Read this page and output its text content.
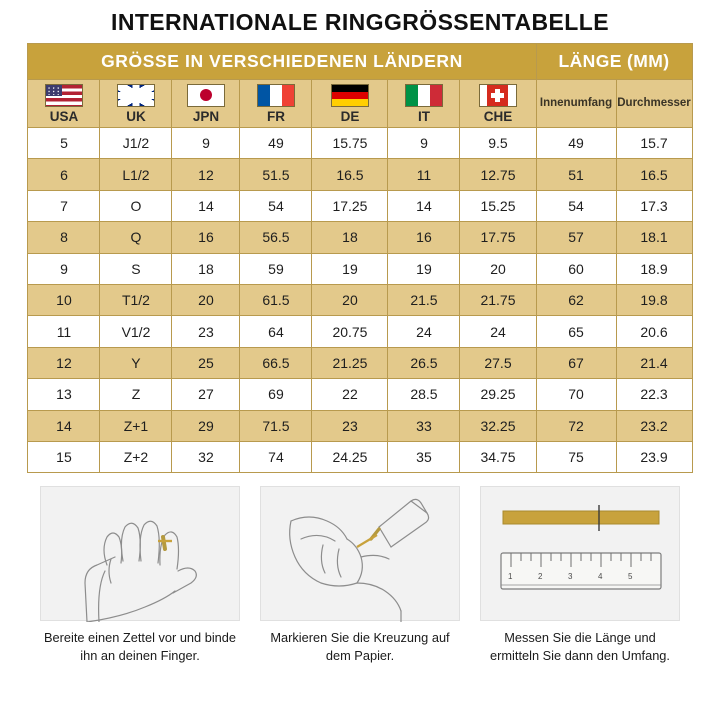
INTERNATIONALE RINGGRÖSSENTABELLE
GRÖSSE IN VERSCHIEDENEN LÄNDERN							LÄNGE (MM)	

USA	UK	JPN	FR	DE	IT	CHE	Innenumfang	Durchmesser

5	J1/2	9	49	15.75	9	9.5	49	15.7
6	L1/2	12	51.5	16.5	11	12.75	51	16.5
7	O	14	54	17.25	14	15.25	54	17.3
8	Q	16	56.5	18	16	17.75	57	18.1
9	S	18	59	19	19	20	60	18.9
10	T1/2	20	61.5	20	21.5	21.75	62	19.8
11	V1/2	23	64	20.75	24	24	65	20.6
12	Y	25	66.5	21.25	26.5	27.5	67	21.4
13	Z	27	69	22	28.5	29.25	70	22.3
14	Z+1	29	71.5	23	33	32.25	72	23.2
15	Z+2	32	74	24.25	35	34.75	75	23.9
Bereite einen Zettel vor und binde ihn an deinen Finger.
Markieren Sie die Kreuzung auf dem Papier.
1	2	3	4	5
Messen Sie die Länge und ermitteln Sie dann den Umfang.
